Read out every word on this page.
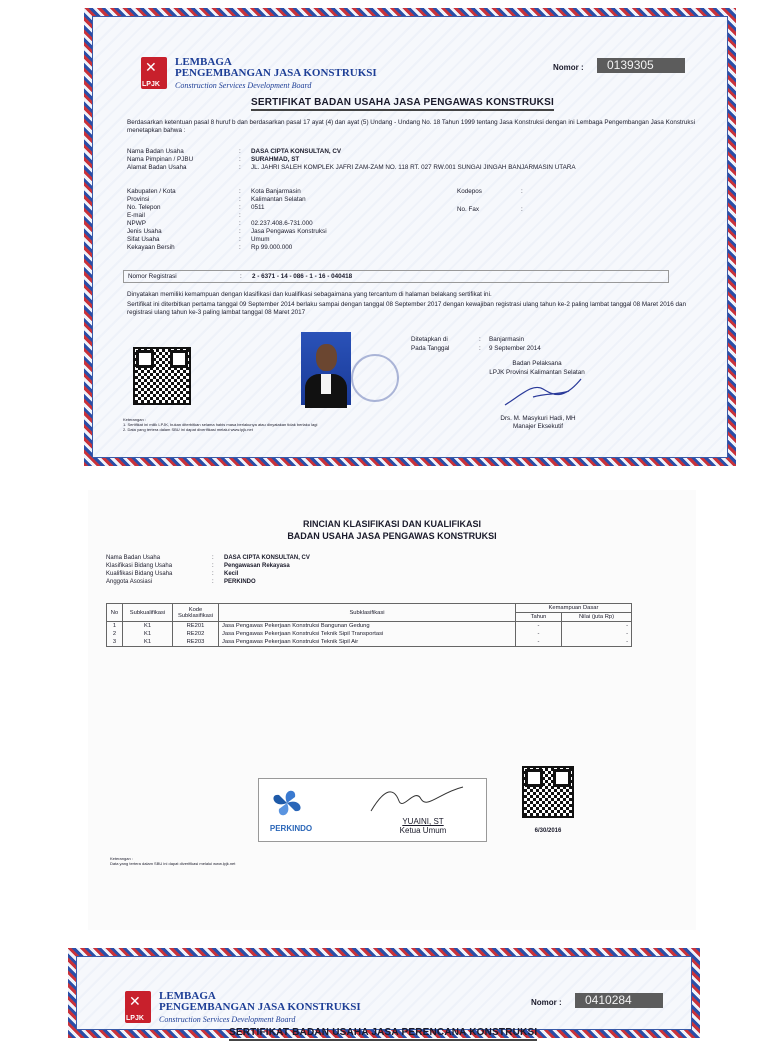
✕
LPJK
LEMBAGA
PENGEMBANGAN JASA KONSTRUKSI
Construction Services Development Board
Nomor :	0139305
SERTIFIKAT BADAN USAHA JASA PENGAWAS KONSTRUKSI
Berdasarkan ketentuan pasal 8 huruf b dan berdasarkan pasal 17 ayat (4) dan ayat (5) Undang - Undang No. 18 Tahun 1999 tentang Jasa Konstruksi dengan ini Lembaga Pengembangan Jasa Konstruksi menetapkan bahwa :
Nama Badan Usaha	:	DASA CIPTA KONSULTAN, CV
Nama Pimpinan / PJBU	:	SURAHMAD, ST
Alamat Badan Usaha	:	JL. JAHRI SALEH KOMPLEK JAFRI ZAM-ZAM NO. 118 RT. 027 RW.001 SUNGAI JINGAH BANJARMASIN UTARA
Kabupaten / Kota	:	Kota Banjarmasin
Provinsi	:	Kalimantan Selatan
No. Telepon	:	0511
E-mail	:
NPWP	:	02.237.408.6-731.000
Jenis Usaha	:	Jasa Pengawas Konstruksi
Sifat Usaha	:	Umum
Kekayaan Bersih	:	Rp 99.000.000
Kodepos	:
No. Fax	:
Nomor Registrasi	:	2 - 6371 - 14 - 086 - 1 - 16 - 040418
Dinyatakan memiliki kemampuan dengan klasifikasi dan kualifikasi sebagaimana yang tercantum di halaman belakang sertifikat ini.
Sertifikat ini diterbitkan pertama tanggal 09 September 2014 berlaku sampai dengan tanggal 08 September 2017 dengan kewajiban registrasi ulang tahun ke-2 paling lambat tanggal 08 Maret 2016 dan registrasi ulang tahun ke-3 paling lambat tanggal 08 Maret 2017
Ditetapkan di	:	Banjarmasin
Pada Tanggal	:	9 September 2014
Badan Pelaksana
LPJK Provinsi Kalimantan Selatan
Drs. M. Masykuri Hadi, MH
Manajer Eksekutif
Keterangan :
1. Sertifikat ini milik LPJK, bukan diterbitkan selama habis masa berlakunya atau dinyatakan tidak berlaku lagi
2. Data yang tertera dalam SBU ini dapat diverifikasi melalui www.lpjk.net
RINCIAN KLASIFIKASI DAN KUALIFIKASI
BADAN USAHA JASA PENGAWAS KONSTRUKSI
Nama Badan Usaha	:	DASA CIPTA KONSULTAN, CV
Klasifikasi Bidang Usaha	:	Pengawasan Rekayasa
Kualifikasi Bidang Usaha	:	Kecil
Anggota Asosiasi	:	PERKINDO
No	Subkualifikasi	Kode Subklasifikasi	Subklasifikasi	Kemampuan Dasar	
				Tahun	Nilai (juta Rp)
1	K1	RE201	Jasa Pengawas Pekerjaan Konstruksi Bangunan Gedung	-	-
2	K1	RE202	Jasa Pengawas Pekerjaan Konstruksi Teknik Sipil Transportasi	-	-
3	K1	RE203	Jasa Pengawas Pekerjaan Konstruksi Teknik Sipil Air	-	-
PERKINDO
YUAINI, ST
Ketua Umum	6/30/2016
Keterangan :
Data yang tertera dalam SBU ini dapat diverifikasi melalui www.lpjk.net
✕
LPJK
LEMBAGA
PENGEMBANGAN JASA KONSTRUKSI
Construction Services Development Board
Nomor :	0410284
SERTIFIKAT BADAN USAHA JASA PERENCANA KONSTRUKSI
